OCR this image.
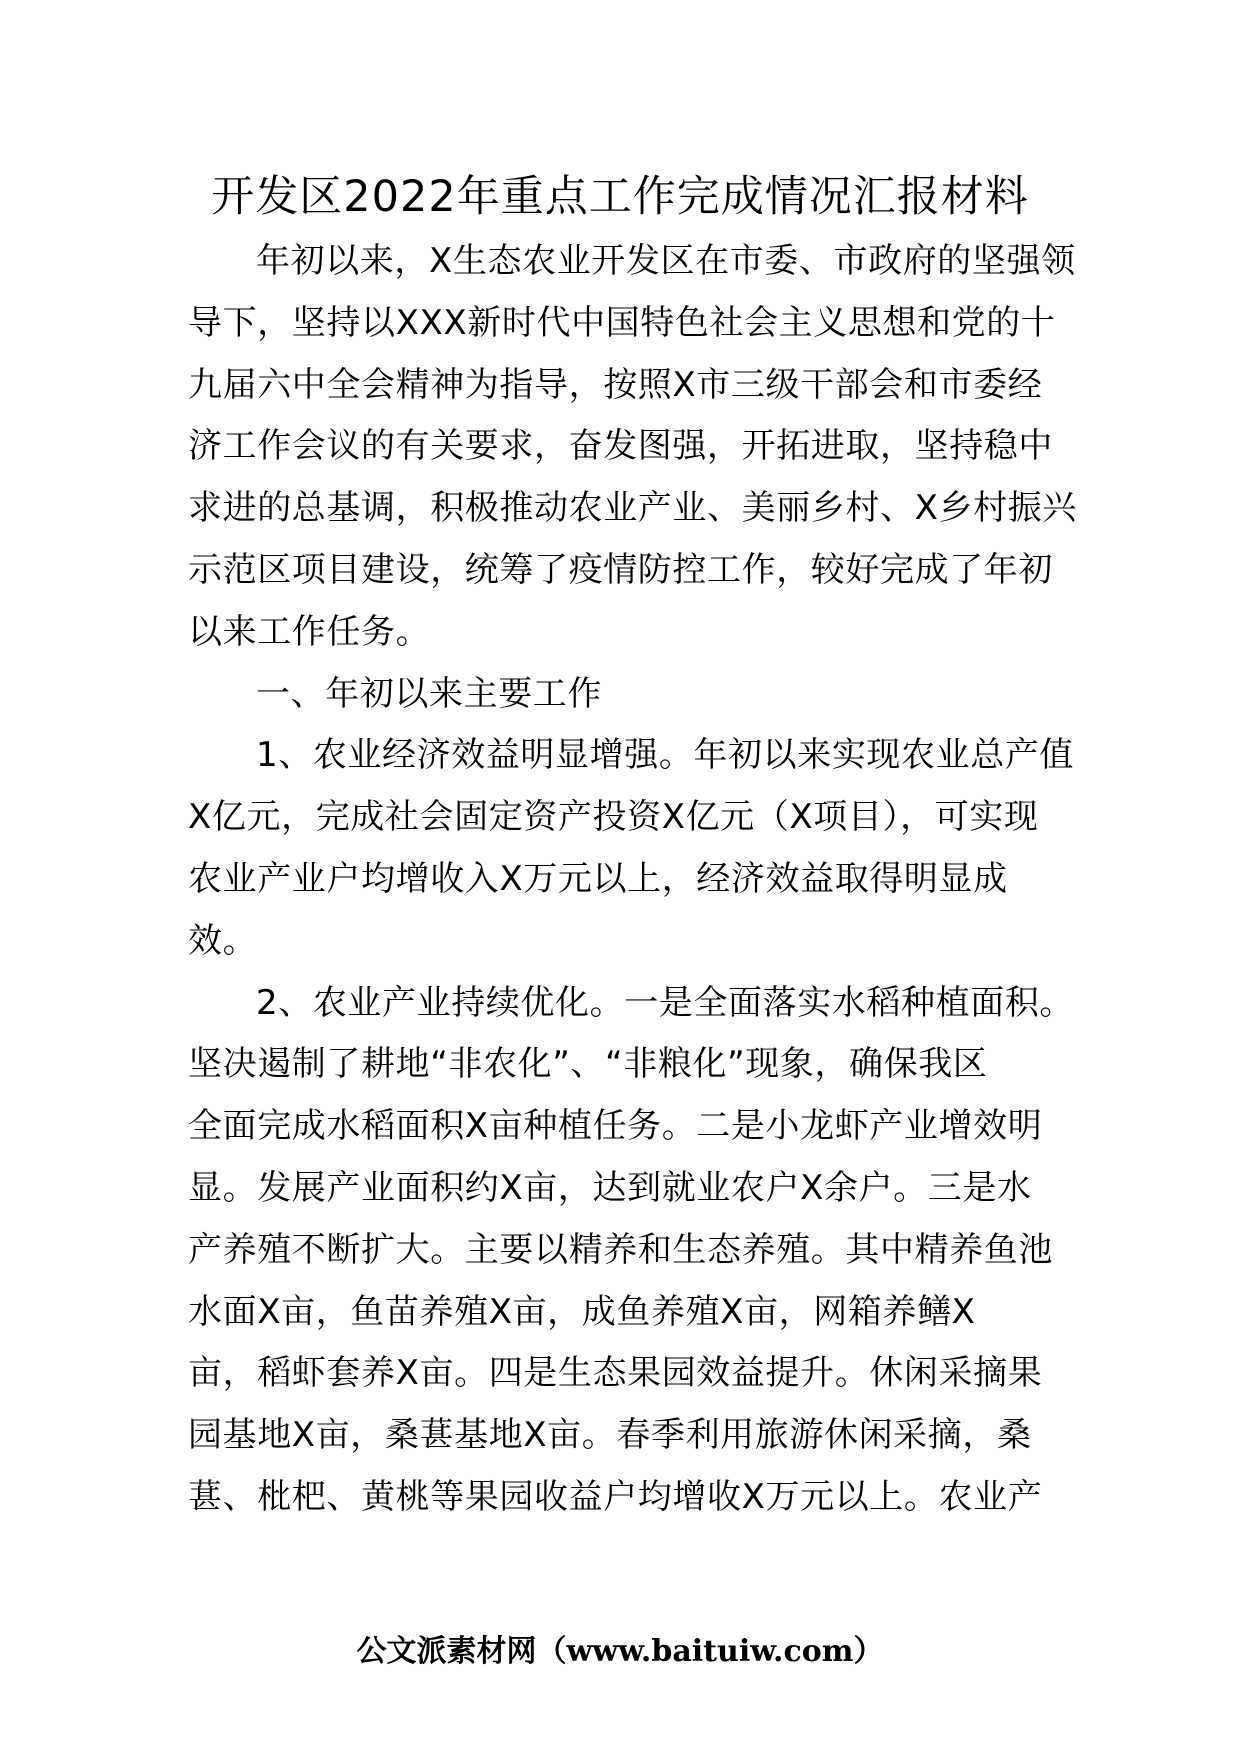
开发区2022年重点工作完成情况汇报材料
年初以来，X生态农业开发区在市委、市政府的坚强领
导下，坚持以XXX新时代中国特色社会主义思想和党的十
九届六中全会精神为指导，按照X市三级干部会和市委经
济工作会议的有关要求，奋发图强，开拓进取，坚持稳中
求进的总基调，积极推动农业产业、美丽乡村、X乡村振兴
示范区项目建设，统筹了疫情防控工作，较好完成了年初
以来工作任务。
一、年初以来主要工作
1、农业经济效益明显增强。年初以来实现农业总产值
X亿元，完成社会固定资产投资X亿元（X项目），可实现
农业产业户均增收入X万元以上，经济效益取得明显成
效。
2、农业产业持续优化。一是全面落实水稻种植面积。
坚决遏制了耕地“非农化”、“非粮化”现象，确保我区
全面完成水稻面积X亩种植任务。二是小龙虾产业增效明
显。发展产业面积约X亩，达到就业农户X余户。三是水
产养殖不断扩大。主要以精养和生态养殖。其中精养鱼池
水面X亩，鱼苗养殖X亩，成鱼养殖X亩，网箱养鳝X
亩，稻虾套养X亩。四是生态果园效益提升。休闲采摘果
园基地X亩，桑葚基地X亩。春季利用旅游休闲采摘，桑
葚、枇杷、黄桃等果园收益户均增收X万元以上。农业产
公文派素材网（www.baituiw.com）
